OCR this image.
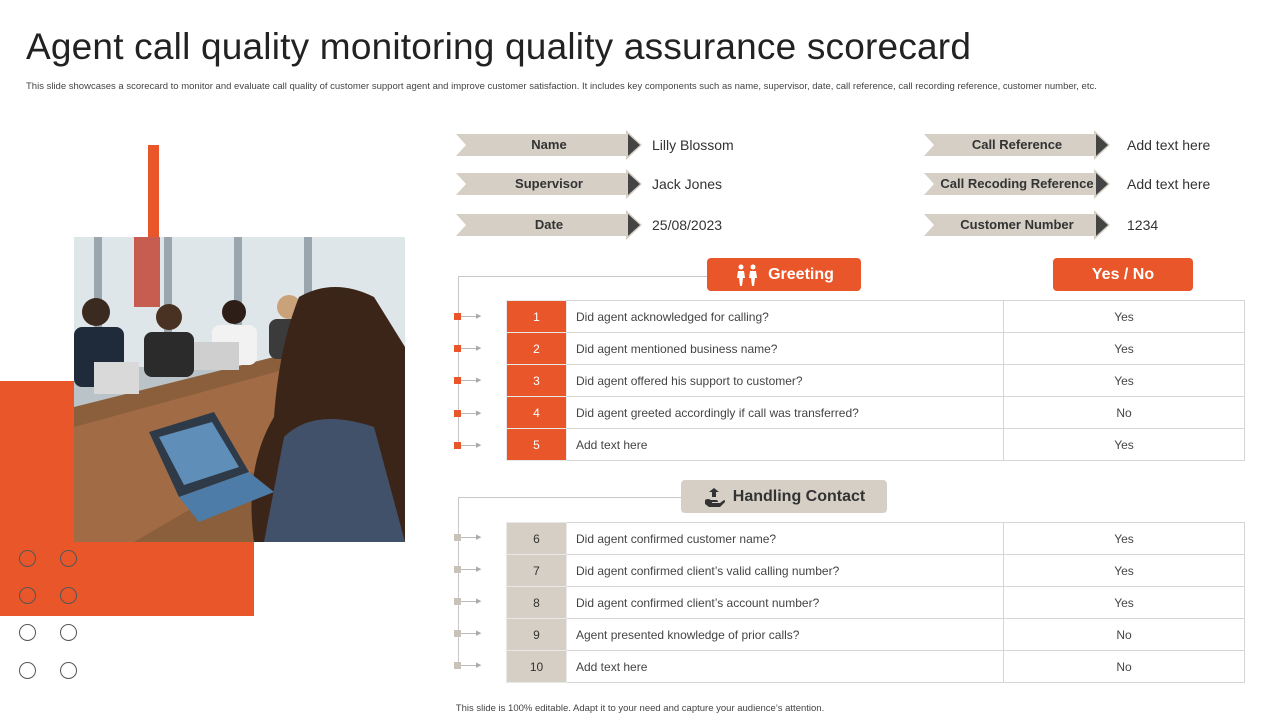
Agent call quality monitoring quality assurance scorecard
This slide showcases a scorecard to monitor and evaluate call quality of customer support agent and improve customer satisfaction. It includes key components such as name, supervisor, date, call reference, call recording reference, customer number, etc.
Name	Lilly Blossom
Supervisor	Jack Jones
Date	25/08/2023
Call Reference	Add text here
Call Recoding Reference	Add text here
Customer Number	1234
Greeting	Yes / No
▶
▶
▶
▶
▶
1	Did agent acknowledged for calling?	Yes
2	Did agent mentioned business name?	Yes
3	Did agent offered his support to customer?	Yes
4	Did agent greeted accordingly if call was transferred?	No
5	Add text here	Yes
Handling Contact
▶
▶
▶
▶
▶
6	Did agent confirmed customer name?	Yes
7	Did agent confirmed client’s valid calling number?	Yes
8	Did agent confirmed client’s account number?	Yes
9	Agent presented knowledge of prior calls?	No
10	Add text here	No
This slide is 100% editable. Adapt it to your need and capture your audience’s attention.
